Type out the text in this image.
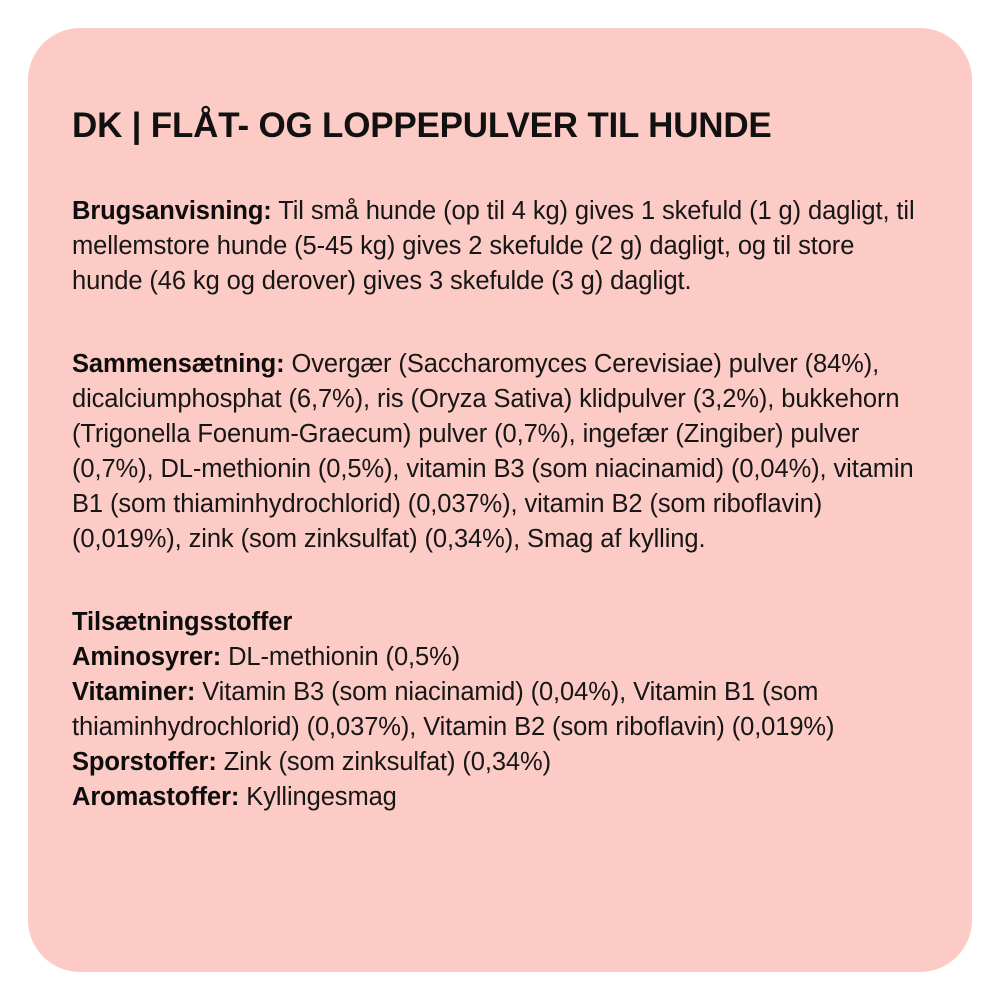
DK | FLÅT- OG LOPPEPULVER TIL HUNDE

Brugsanvisning: Til små hunde (op til 4 kg) gives 1 skefuld (1 g) dagligt, til mellemstore hunde (5-45 kg) gives 2 skefulde (2 g) dagligt, og til store hunde (46 kg og derover) gives 3 skefulde (3 g) dagligt.

Sammensætning: Overgær (Saccharomyces Cerevisiae) pulver (84%), dicalciumphosphat (6,7%), ris (Oryza Sativa) klidpulver (3,2%), bukkehorn (Trigonella Foenum-Graecum) pulver (0,7%), ingefær (Zingiber) pulver (0,7%), DL-methionin (0,5%), vitamin B3 (som niacinamid) (0,04%), vitamin B1 (som thiaminhydrochlorid) (0,037%), vitamin B2 (som riboflavin) (0,019%), zink (som zinksulfat) (0,34%), Smag af kylling.

Tilsætningsstoffer
Aminosyrer: DL-methionin (0,5%)
Vitaminer: Vitamin B3 (som niacinamid) (0,04%), Vitamin B1 (som thiaminhydrochlorid) (0,037%), Vitamin B2 (som riboflavin) (0,019%)
Sporstoffer: Zink (som zinksulfat) (0,34%)
Aromastoffer: Kyllingesmag
